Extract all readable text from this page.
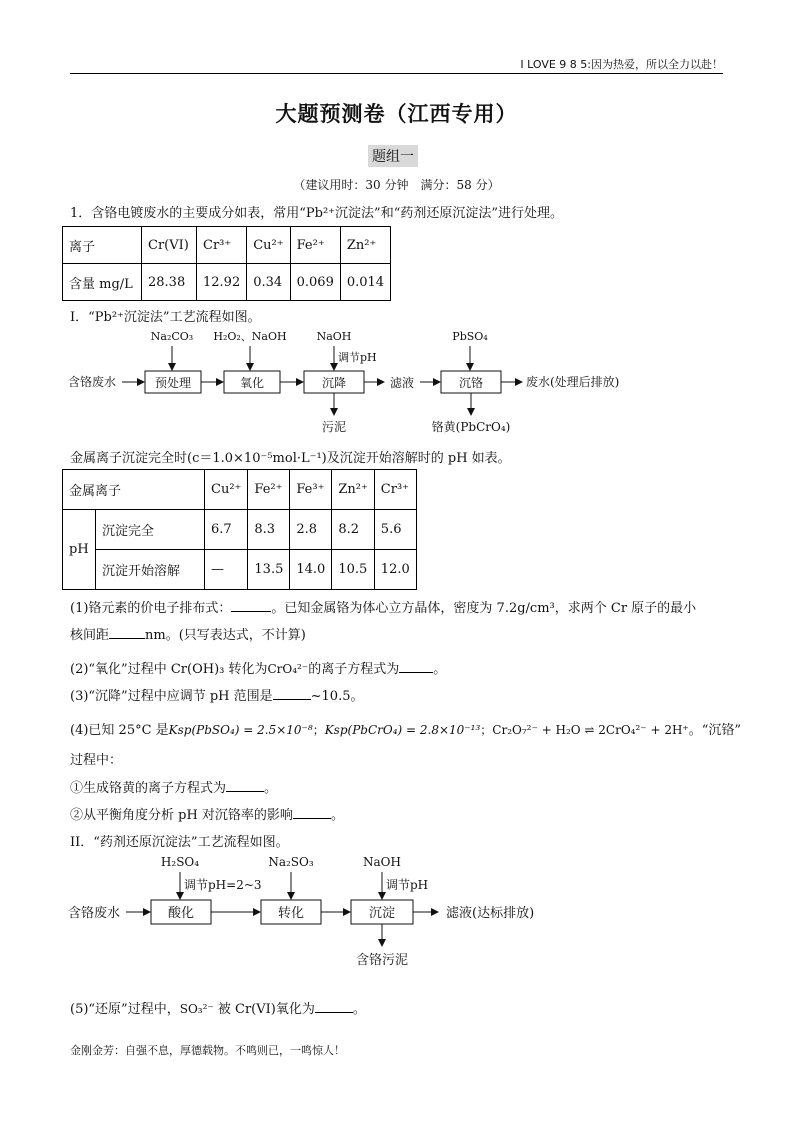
I LOVE 9 8 5:因为热爱，所以全力以赴！
大题预测卷（江西专用）
题组一
（建议用时：30 分钟　满分：58 分）
1．含铬电镀废水的主要成分如表，常用“Pb²⁺沉淀法”和“药剂还原沉淀法”进行处理。
离子	Cr(VI)	Cr³⁺	Cu²⁺	Fe²⁺	Zn²⁺
含量 mg/L	28.38	12.92	0.34	0.069	0.014
I．“Pb²⁺沉淀法”工艺流程如图。
含铬废水	预处理	氧化	沉降	滤液	沉铬	废水(处理后排放)
Na₂CO₃ H₂O₂、NaOH	NaOH
调节pH
PbSO₄
污泥	铬黄(PbCrO₄)
金属离子沉淀完全时(c＝1.0×10⁻⁵mol·L⁻¹)及沉淀开始溶解时的 pH 如表。
金属离子		Cu²⁺	Fe²⁺	Fe³⁺	Zn²⁺	Cr³⁺
pH	沉淀完全	6.7	8.3	2.8	8.2	5.6
	沉淀开始溶解	—	13.5	14.0	10.5	12.0
(1)铬元素的价电子排布式：	。已知金属铬为体心立方晶体，密度为 7.2g/cm³，求两个 Cr 原子的最小
核间距	nm。(只写表达式，不计算)
(2)“氧化”过程中 Cr(OH)₃ 转化为CrO₄²⁻的离子方程式为	。
(3)“沉降”过程中应调节 pH 范围是	~10.5。
(4)已知 25°C 是Ksp(PbSO₄) = 2.5×10⁻⁸；Ksp(PbCrO₄) = 2.8×10⁻¹³；Cr₂O₇²⁻ + H₂O ⇌ 2CrO₄²⁻ + 2H⁺。“沉铬”
过程中：
①生成铬黄的离子方程式为	。
②从平衡角度分析 pH 对沉铬率的影响	。
II．“药剂还原沉淀法”工艺流程如图。
含铬废水	酸化	转化	沉淀	滤液(达标排放)
H₂SO₄
调节pH=2~3
Na₂SO₃	NaOH
调节pH
含铬污泥
(5)“还原”过程中，SO₃²⁻ 被 Cr(VI)氧化为	。
金刚金芳：自强不息，厚德载物。不鸣则已，一鸣惊人！
